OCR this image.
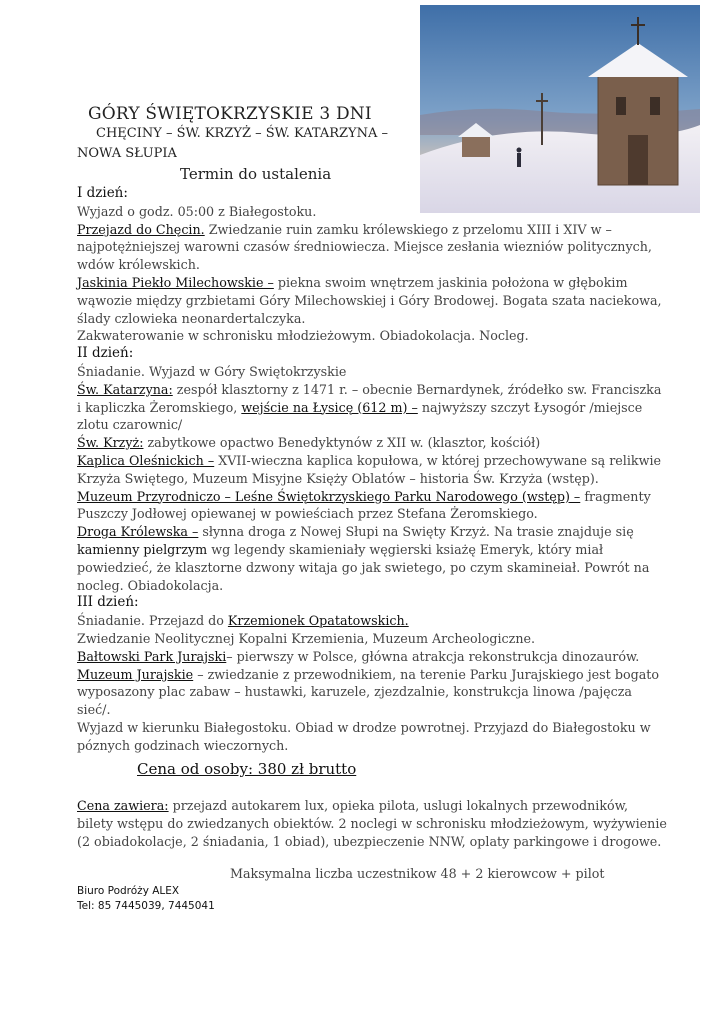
GÓRY ŚWIĘTOKRZYSKIE 3 DNI
CHĘCINY – ŚW. KRZYŻ – ŚW. KATARZYNA –
NOWA SŁUPIA
Termin do ustalenia

I dzień:

Wyjazd o godz. 05:00 z Białegostoku.

Przejazd do Chęcin. Zwiedzanie ruin zamku królewskiego z przelomu XIII i XIV w –najpotężniejszej warowni czasów średniowiecza. Miejsce zesłania wiezniów politycznych, wdów królewskich.

Jaskinia Piekło Milechowskie – piekna swoim wnętrzem jaskinia położona w głębokim wąwozie między grzbietami Góry Milechowskiej i Góry Brodowej. Bogata szata naciekowa, ślady czlowieka neonardertalczyka.

Zakwaterowanie w schronisku młodzieżowym. Obiadokolacja. Nocleg.

II dzień:

Śniadanie. Wyjazd w Góry Swiętokrzyskie

Św. Katarzyna: zespół klasztorny z 1471 r. – obecnie Bernardynek, źródełko sw. Franciszka i kapliczka Żeromskiego, wejście na Łysicę (612 m) – najwyższy szczyt Łysogór /miejsce zlotu czarownic/

Św. Krzyż: zabytkowe opactwo Benedyktynów z XII w. (klasztor, kościół)

Kaplica Oleśnickich – XVII-wieczna kaplica kopułowa, w której przechowywane są relikwie Krzyża Swiętego, Muzeum Misyjne Księży Oblatów – historia Św. Krzyża (wstęp).

Muzeum Przyrodniczo – Leśne Świętokrzyskiego Parku Narodowego (wstęp) – fragmenty Puszczy Jodłowej opiewanej w powieściach przez Stefana Żeromskiego.

Droga Królewska – słynna droga z Nowej Słupi na Swięty Krzyż. Na trasie znajduje się kamienny pielgrzym wg legendy skamieniały węgierski ksiażę Emeryk, który miał powiedzieć, że klasztorne dzwony witaja go jak swietego, po czym skamineiał. Powrót na nocleg. Obiadokolacja.

III dzień:

Śniadanie. Przejazd do Krzemionek Opatatowskich.

Zwiedzanie Neolitycznej Kopalni Krzemienia, Muzeum Archeologiczne.

Bałtowski Park Jurajski– pierwszy w Polsce, główna atrakcja rekonstrukcja dinozaurów.

Muzeum Jurajskie – zwiedzanie z przewodnikiem, na terenie Parku Jurajskiego jest bogato wyposazony plac zabaw – hustawki, karuzele, zjezdzalnie, konstrukcja linowa /pajęcza sieć/.

Wyjazd w kierunku Białegostoku. Obiad w drodze powrotnej. Przyjazd do Białegostoku w póznych godzinach wieczornych.

Cena od osoby: 380 zł brutto

Cena zawiera: przejazd autokarem lux, opieka pilota, uslugi lokalnych przewodników, bilety wstępu do zwiedzanych obiektów. 2 noclegi w schronisku młodzieżowym, wyżywienie (2 obiadokolacje, 2 śniadania, 1 obiad), ubezpieczenie NNW, oplaty parkingowe i drogowe.

Maksymalna liczba uczestnikow 48 + 2 kierowcow + pilot
Biuro Podróży ALEX
Tel: 85 7445039, 7445041
